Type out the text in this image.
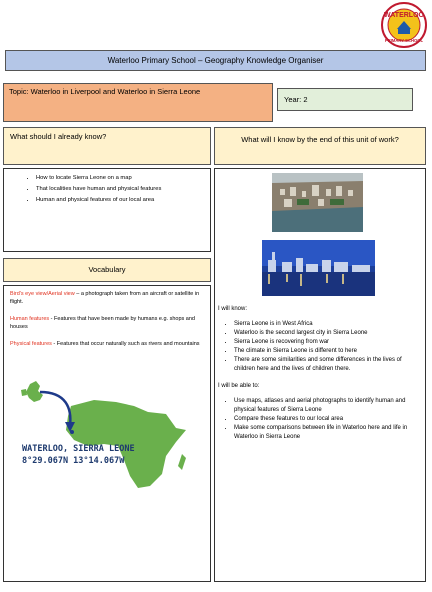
WATERLOO
PRIMARY SCHOOL
Waterloo Primary School – Geography Knowledge Organiser
Topic: Waterloo in Liverpool and Waterloo in Sierra Leone
Year: 2
What should I already know?	What will I know by the end of this unit of work?
• How to locate Sierra Leone on a map
• That localities have human and physical features
• Human and physical features of our local area
Vocabulary
Bird’s eye view/Aerial view – a photograph taken from an aircraft or satellite in flight.
Human features - Features that have been made by humans e.g. shops and houses
Physical features - Features that occur naturally such as rivers and mountains
WATERLOO, SIERRA LEONE
8°29.067N 13°14.067W

I will know:

• Sierra Leone is in West Africa
• Waterloo is the second largest city in Sierra Leone
• Sierra Leone is recovering from war
• The climate in Sierra Leone is different to here
• There are some similarities and some differences in the lives of children here and the lives of children there.

I will be able to:

• Use maps, atlases and aerial photographs to identify human and physical features of Sierra Leone
• Compare these features to our local area
• Make some comparisons between life in Waterloo here and life in Waterloo in Sierra Leone
